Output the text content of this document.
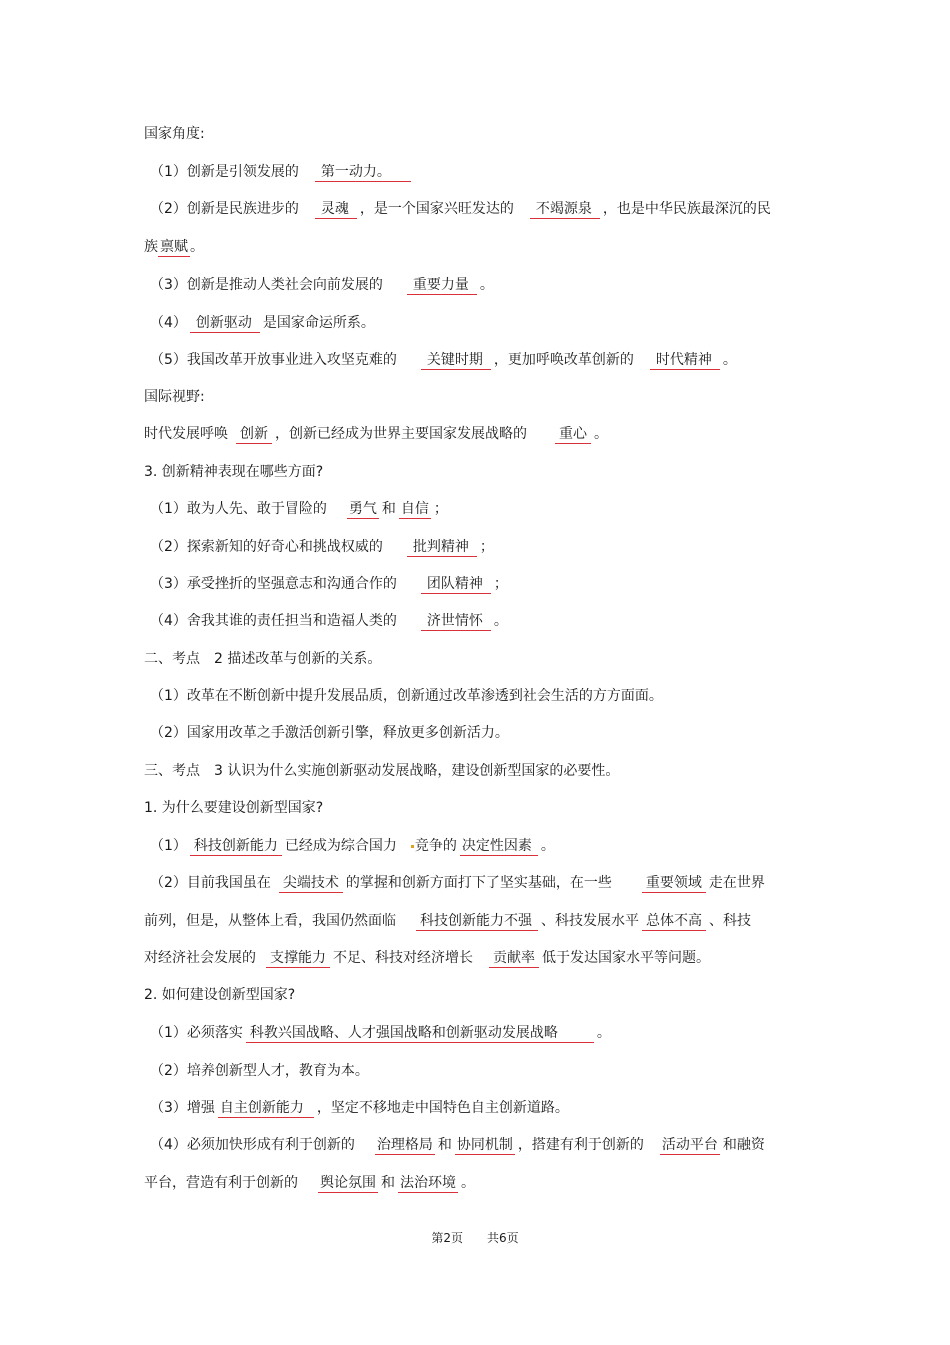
国家角度:
（1）创新是引领发展的 第一动力。
（2）创新是民族进步的 灵魂 ，是一个国家兴旺发达的 不竭源泉 ，也是中华民族最深沉的民
族 禀赋 。
（3）创新是推动人类社会向前发展的 重要力量 。
（4） 创新驱动 是国家命运所系。
（5）我国改革开放事业进入攻坚克难的 关键时期 ，更加呼唤改革创新的 时代精神 。
国际视野:
时代发展呼唤 创新 ，创新已经成为世界主要国家发展战略的 重心 。
3. 创新精神表现在哪些方面?
（1）敢为人先、敢于冒险的 勇气 和 自信 ；
（2）探索新知的好奇心和挑战权威的 批判精神 ；
（3）承受挫折的坚强意志和沟通合作的 团队精神 ；
（4）舍我其谁的责任担当和造福人类的 济世情怀 。
二、考点　2 描述改革与创新的关系。
（1）改革在不断创新中提升发展品质，创新通过改革渗透到社会生活的方方面面。
（2）国家用改革之手激活创新引擎，释放更多创新活力。
三、考点　3 认识为什么实施创新驱动发展战略，建设创新型国家的必要性。
1. 为什么要建设创新型国家?
（1） 科技创新能力 已经成为综合国力 竞争的 决定性因素 。
（2）目前我国虽在 尖端技术 的掌握和创新方面打下了坚实基础，在一些 重要领域 走在世界
前列，但是，从整体上看，我国仍然面临 科技创新能力不强 、科技发展水平 总体不高 、科技
对经济社会发展的 支撑能力 不足、科技对经济增长 贡献率 低于发达国家水平等问题。
2. 如何建设创新型国家?
（1）必须落实 科教兴国战略、人才强国战略和创新驱动发展战略	。
（2）培养创新型人才，教育为本。
（3）增强 自主创新能力 ，坚定不移地走中国特色自主创新道路。
（4）必须加快形成有利于创新的 治理格局 和 协同机制 ，搭建有利于创新的 活动平台 和融资
平台，营造有利于创新的 舆论氛围 和 法治环境 。
第2页 共6页
